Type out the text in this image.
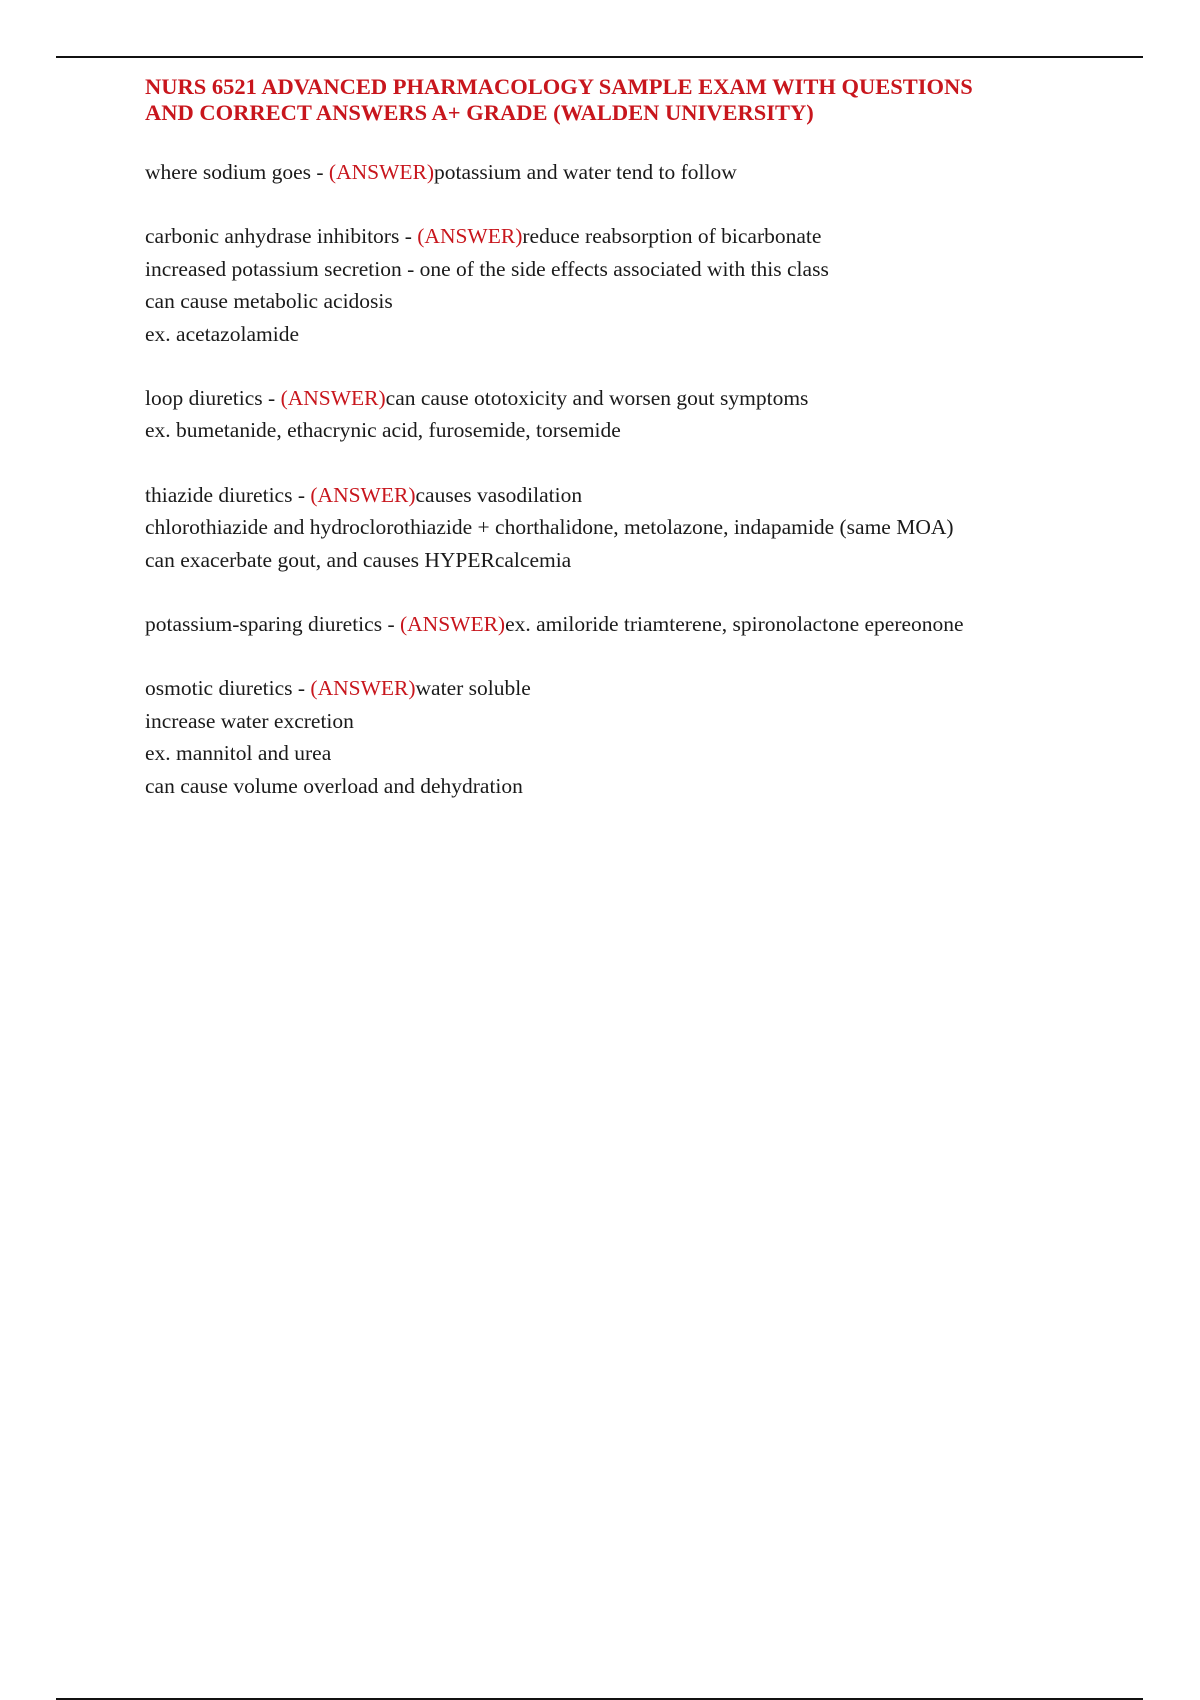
NURS 6521 ADVANCED PHARMACOLOGY SAMPLE EXAM WITH QUESTIONS
AND CORRECT ANSWERS A+ GRADE (WALDEN UNIVERSITY)
where sodium goes - (ANSWER)potassium and water tend to follow
carbonic anhydrase inhibitors - (ANSWER)reduce reabsorption of bicarbonate
increased potassium secretion - one of the side effects associated with this class
can cause metabolic acidosis
ex. acetazolamide
loop diuretics - (ANSWER)can cause ototoxicity and worsen gout symptoms
ex. bumetanide, ethacrynic acid, furosemide, torsemide
thiazide diuretics - (ANSWER)causes vasodilation
chlorothiazide and hydroclorothiazide + chorthalidone, metolazone, indapamide (same MOA)
can exacerbate gout, and causes HYPERcalcemia
potassium-sparing diuretics - (ANSWER)ex. amiloride triamterene, spironolactone epereonone
osmotic diuretics - (ANSWER)water soluble
increase water excretion
ex. mannitol and urea
can cause volume overload and dehydration
